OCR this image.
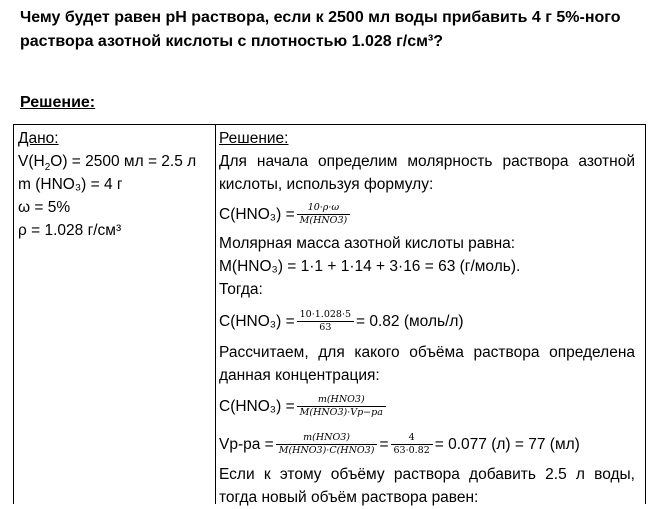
Чему будет равен pH раствора, если к 2500 мл воды прибавить 4 г 5%-ного раствора азотной кислоты с плотностью 1.028 г/см³?
Решение:
Дано:
$V(H_2O) = 2500$ мл = 2.5 л
m (HNO₃) = 4 г
ω = 5%
ρ = 1.028 г/см³
Решение:
Для начала определим молярность раствора азотной кислоты, используя формулу:
$C(HNO_3) = \frac{10\cdot\rho\cdot\omega}{\text{M(HNO3)}}$
Молярная масса азотной кислоты равна:
M(HNO₃) = 1·1 + 1·14 + 3·16 = 63 (г/моль).
Тогда:
$C(HNO_3) = \frac{10\cdot 1.028\cdot 5}{63} = 0.82$ (моль/л)
Рассчитаем, для какого объёма раствора определена данная концентрация:
$C(HNO_3) = \frac{\text{m(HNO3)}}{\text{M(HNO3)·Vр−ра}}$
$Vр-ра = \frac{\text{m(HNO3)}}{\text{M(HNO3)·C(HNO3)}} = \frac{4}{63\cdot 0.82} = 0.077$ (л) = 77 (мл)
Если к этому объёму раствора добавить 2.5 л воды, тогда новый объём раствора равен:
